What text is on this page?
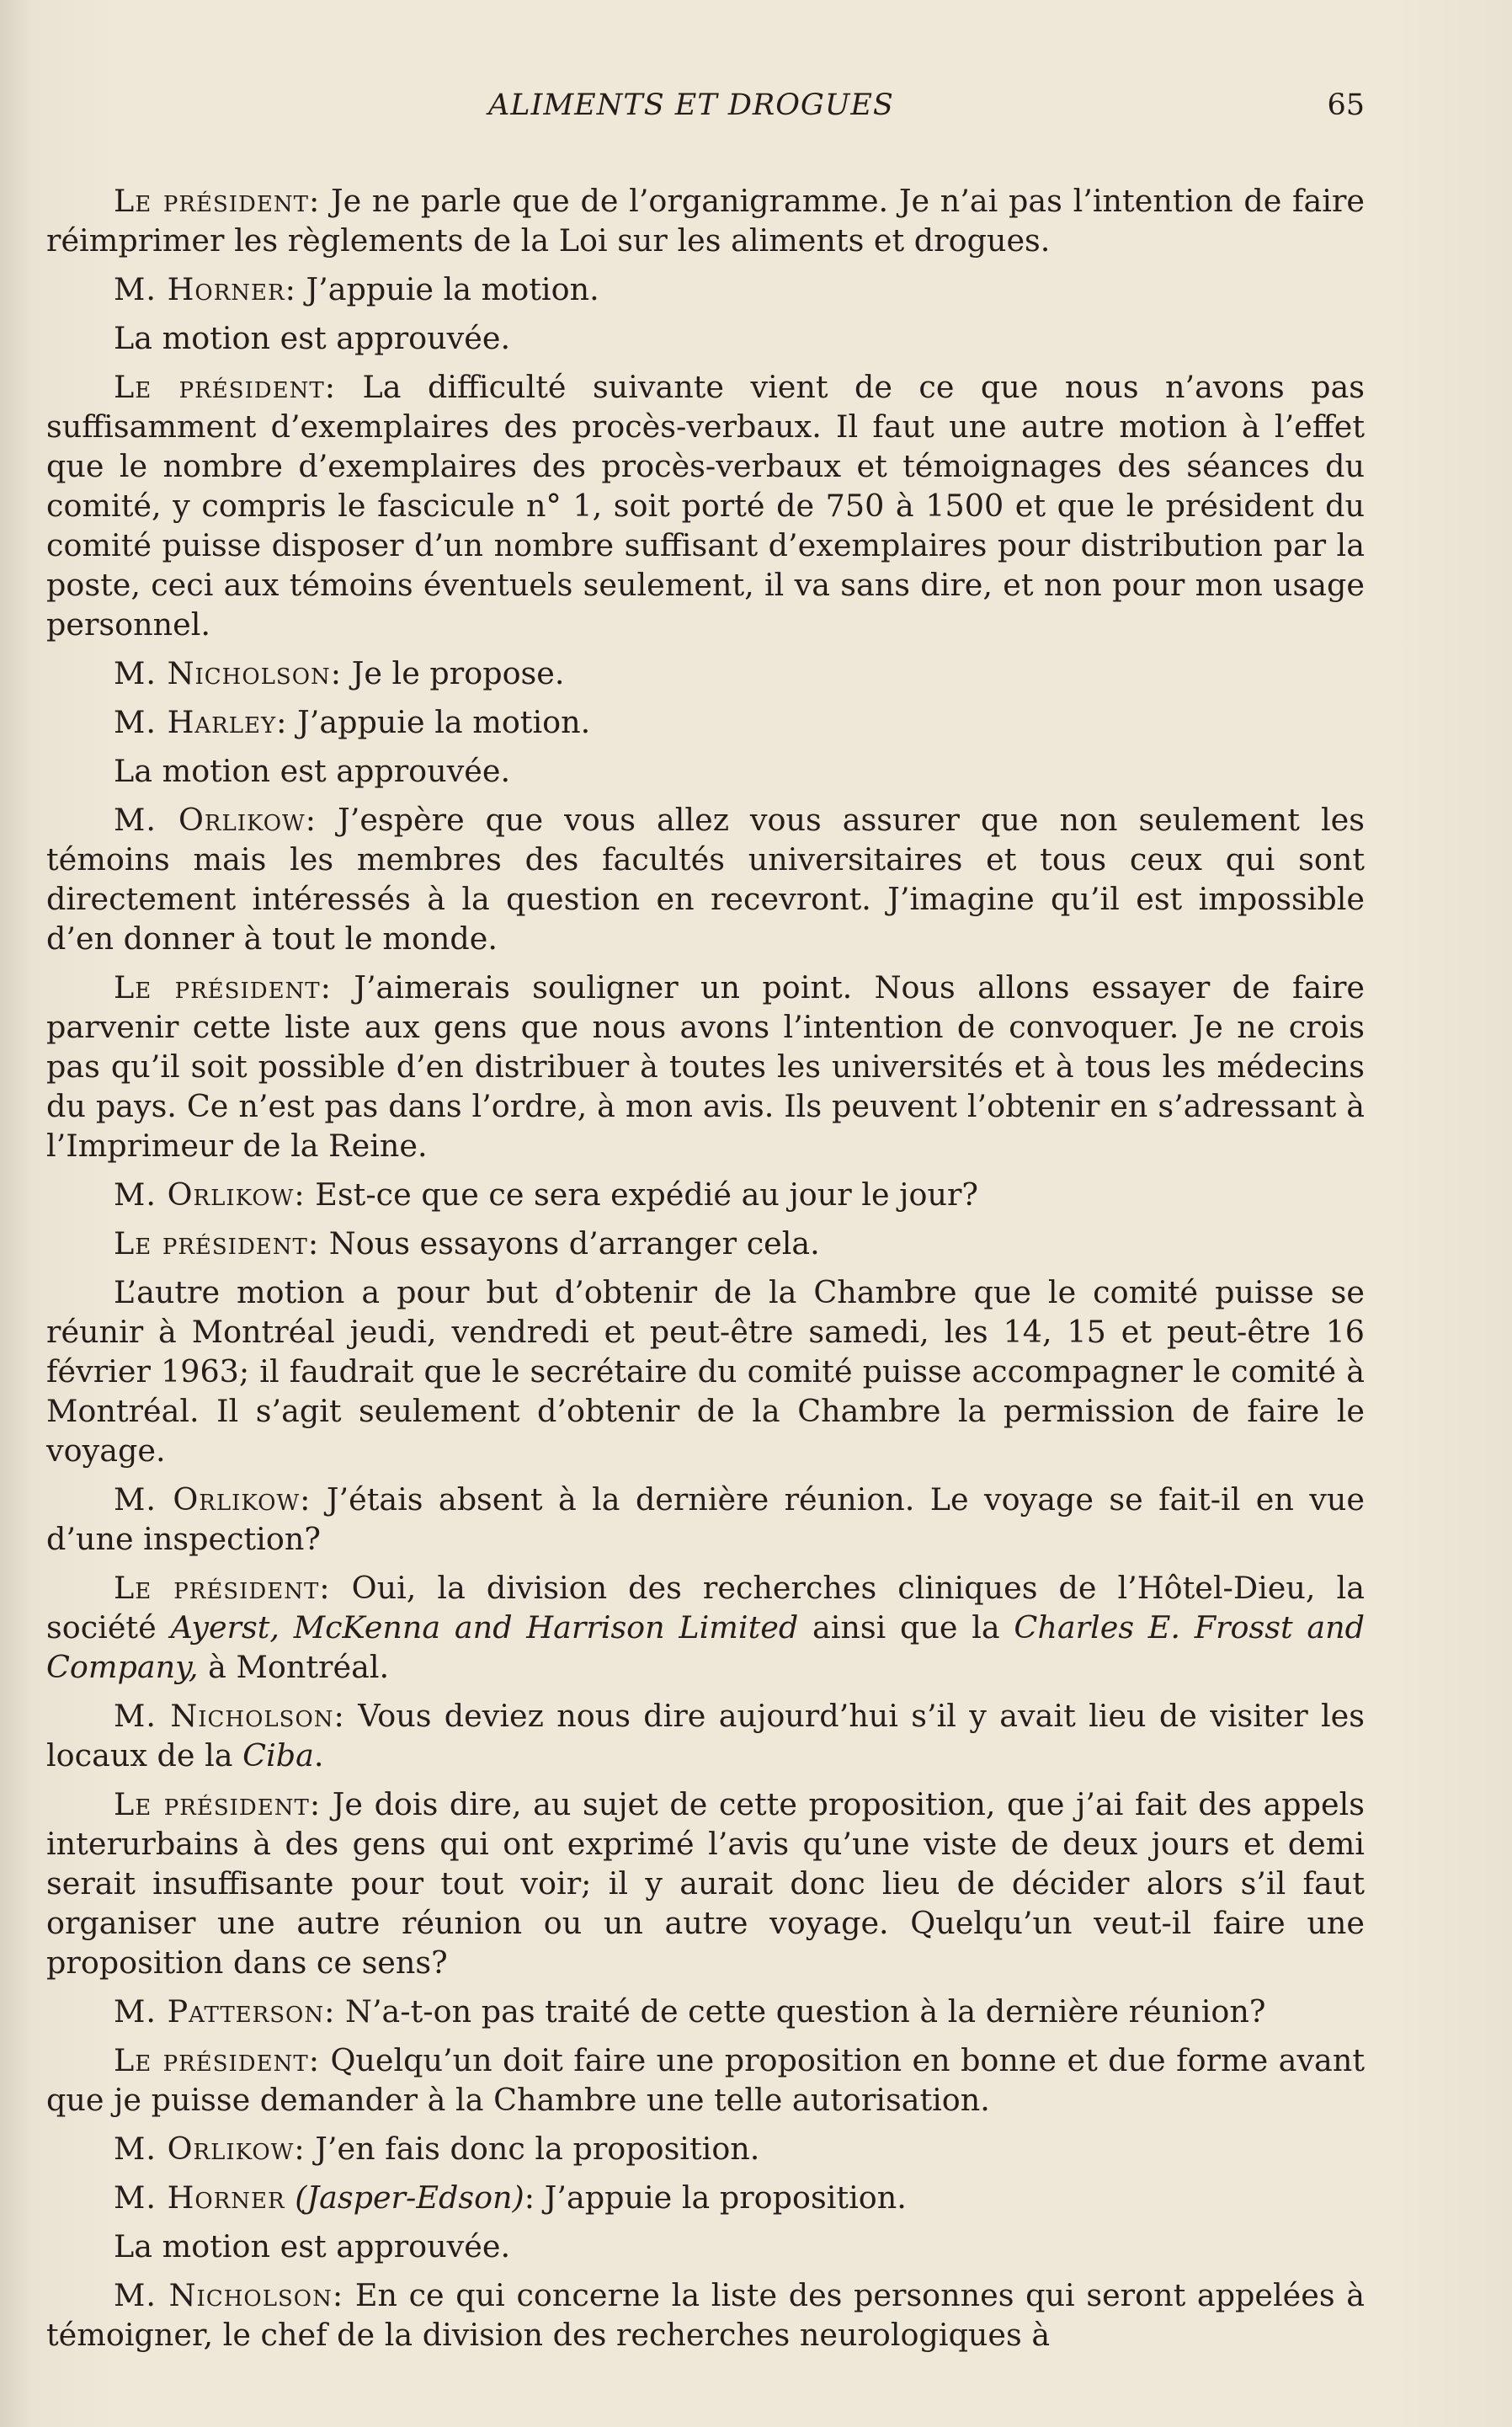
ALIMENTS ET DROGUES	65

Le président: Je ne parle que de l’organigramme. Je n’ai pas l’intention de faire réimprimer les règlements de la Loi sur les aliments et drogues.

M. Horner: J’appuie la motion.

La motion est approuvée.

Le président: La difficulté suivante vient de ce que nous n’avons pas suffisamment d’exemplaires des procès-verbaux. Il faut une autre motion à l’effet que le nombre d’exemplaires des procès-verbaux et témoignages des séances du comité, y compris le fascicule n° 1, soit porté de 750 à 1500 et que le président du comité puisse disposer d’un nombre suffisant d’exemplaires pour distribution par la poste, ceci aux témoins éventuels seulement, il va sans dire, et non pour mon usage personnel.

M. Nicholson: Je le propose.

M. Harley: J’appuie la motion.

La motion est approuvée.

M. Orlikow: J’espère que vous allez vous assurer que non seulement les témoins mais les membres des facultés universitaires et tous ceux qui sont directement intéressés à la question en recevront. J’imagine qu’il est impossible d’en donner à tout le monde.

Le président: J’aimerais souligner un point. Nous allons essayer de faire parvenir cette liste aux gens que nous avons l’intention de convoquer. Je ne crois pas qu’il soit possible d’en distribuer à toutes les universités et à tous les médecins du pays. Ce n’est pas dans l’ordre, à mon avis. Ils peuvent l’obtenir en s’adressant à l’Imprimeur de la Reine.

M. Orlikow: Est-ce que ce sera expédié au jour le jour?

Le président: Nous essayons d’arranger cela.

L’autre motion a pour but d’obtenir de la Chambre que le comité puisse se réunir à Montréal jeudi, vendredi et peut-être samedi, les 14, 15 et peut-être 16 février 1963; il faudrait que le secrétaire du comité puisse accompagner le comité à Montréal. Il s’agit seulement d’obtenir de la Chambre la permission de faire le voyage.

M. Orlikow: J’étais absent à la dernière réunion. Le voyage se fait-il en vue d’une inspection?

Le président: Oui, la division des recherches cliniques de l’Hôtel-Dieu, la société Ayerst, McKenna and Harrison Limited ainsi que la Charles E. Frosst and Company, à Montréal.

M. Nicholson: Vous deviez nous dire aujourd’hui s’il y avait lieu de visiter les locaux de la Ciba.

Le président: Je dois dire, au sujet de cette proposition, que j’ai fait des appels interurbains à des gens qui ont exprimé l’avis qu’une viste de deux jours et demi serait insuffisante pour tout voir; il y aurait donc lieu de décider alors s’il faut organiser une autre réunion ou un autre voyage. Quelqu’un veut-il faire une proposition dans ce sens?

M. Patterson: N’a-t-on pas traité de cette question à la dernière réunion?

Le président: Quelqu’un doit faire une proposition en bonne et due forme avant que je puisse demander à la Chambre une telle autorisation.

M. Orlikow: J’en fais donc la proposition.

M. Horner (Jasper-Edson): J’appuie la proposition.

La motion est approuvée.

M. Nicholson: En ce qui concerne la liste des personnes qui seront appelées à témoigner, le chef de la division des recherches neurologiques à
